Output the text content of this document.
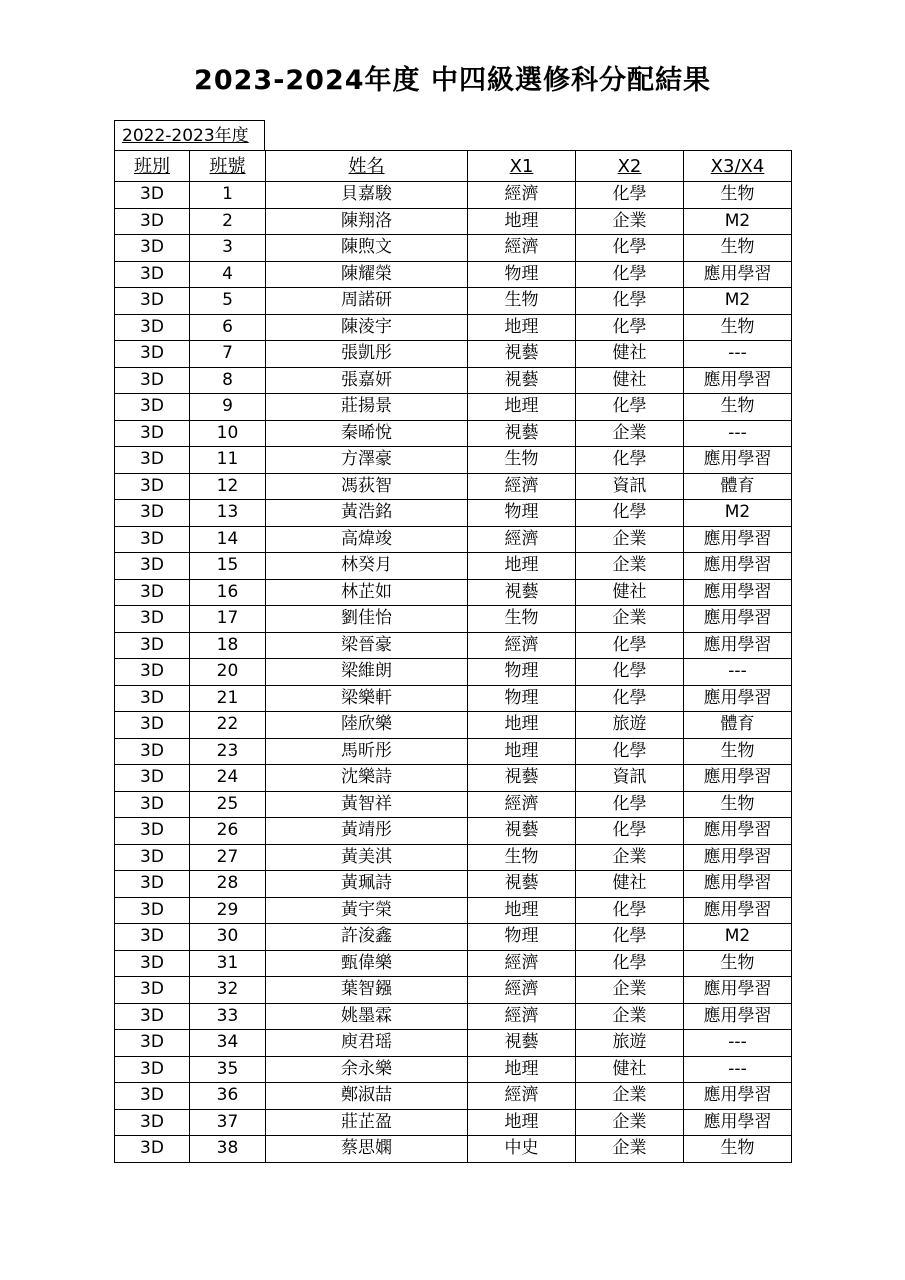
2023-2024年度 中四級選修科分配結果
2022-2023年度
班別	班號	姓名	X1	X2	X3/X4
3D	1	貝嘉駿	經濟	化學	生物
3D	2	陳翔洛	地理	企業	M2
3D	3	陳煦文	經濟	化學	生物
3D	4	陳耀榮	物理	化學	應用學習
3D	5	周諾研	生物	化學	M2
3D	6	陳淩宇	地理	化學	生物
3D	7	張凱彤	視藝	健社	---
3D	8	張嘉妍	視藝	健社	應用學習
3D	9	莊揚景	地理	化學	生物
3D	10	秦晞悅	視藝	企業	---
3D	11	方澤豪	生物	化學	應用學習
3D	12	馮荻智	經濟	資訊	體育
3D	13	黃浩銘	物理	化學	M2
3D	14	高煒竣	經濟	企業	應用學習
3D	15	林癸月	地理	企業	應用學習
3D	16	林芷如	視藝	健社	應用學習
3D	17	劉佳怡	生物	企業	應用學習
3D	18	梁晉豪	經濟	化學	應用學習
3D	20	梁維朗	物理	化學	---
3D	21	梁樂軒	物理	化學	應用學習
3D	22	陸欣樂	地理	旅遊	體育
3D	23	馬昕彤	地理	化學	生物
3D	24	沈樂詩	視藝	資訊	應用學習
3D	25	黃智祥	經濟	化學	生物
3D	26	黃靖彤	視藝	化學	應用學習
3D	27	黃美淇	生物	企業	應用學習
3D	28	黃珮詩	視藝	健社	應用學習
3D	29	黃宇榮	地理	化學	應用學習
3D	30	許浚鑫	物理	化學	M2
3D	31	甄偉樂	經濟	化學	生物
3D	32	葉智鏹	經濟	企業	應用學習
3D	33	姚墨霖	經濟	企業	應用學習
3D	34	庾君瑶	視藝	旅遊	---
3D	35	余永樂	地理	健社	---
3D	36	鄭淑喆	經濟	企業	應用學習
3D	37	莊芷盈	地理	企業	應用學習
3D	38	蔡思嫻	中史	企業	生物
